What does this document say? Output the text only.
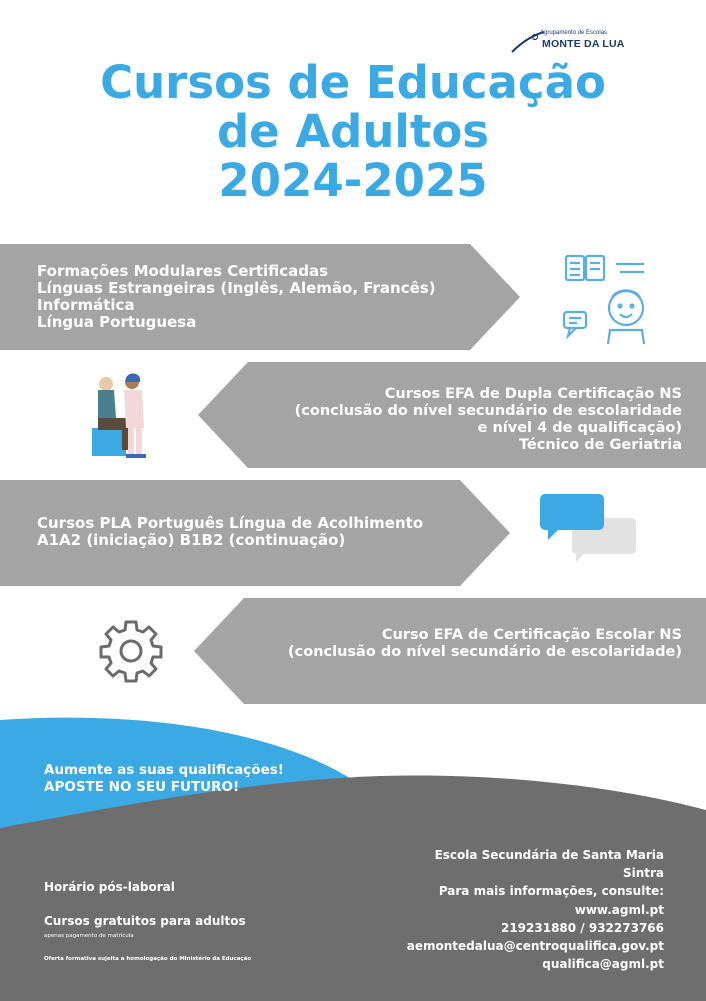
Agrupamento de Escolas
MONTE DA LUA
Cursos de Educação
de Adultos
2024-2025
Formações Modulares Certificadas
Línguas Estrangeiras (Inglês, Alemão, Francês)
Informática
Língua Portuguesa
Cursos EFA de Dupla Certificação NS
(conclusão do nível secundário de escolaridade
e nível 4 de qualificação)
Técnico de Geriatria
Cursos PLA Português Língua de Acolhimento
A1A2 (iniciação) B1B2 (continuação)
Curso EFA de Certificação Escolar NS
(conclusão do nível secundário de escolaridade)
Aumente as suas qualificações!
APOSTE NO SEU FUTURO!
Horário pós-laboral
Cursos gratuitos para adultos
apenas pagamento de matrícula
Oferta formativa sujeita a homologação do Ministério da Educação
Escola Secundária de Santa Maria
Sintra
Para mais informações, consulte:
www.agml.pt
219231880 / 932273766
aemontedalua@centroqualifica.gov.pt
qualifica@agml.pt
